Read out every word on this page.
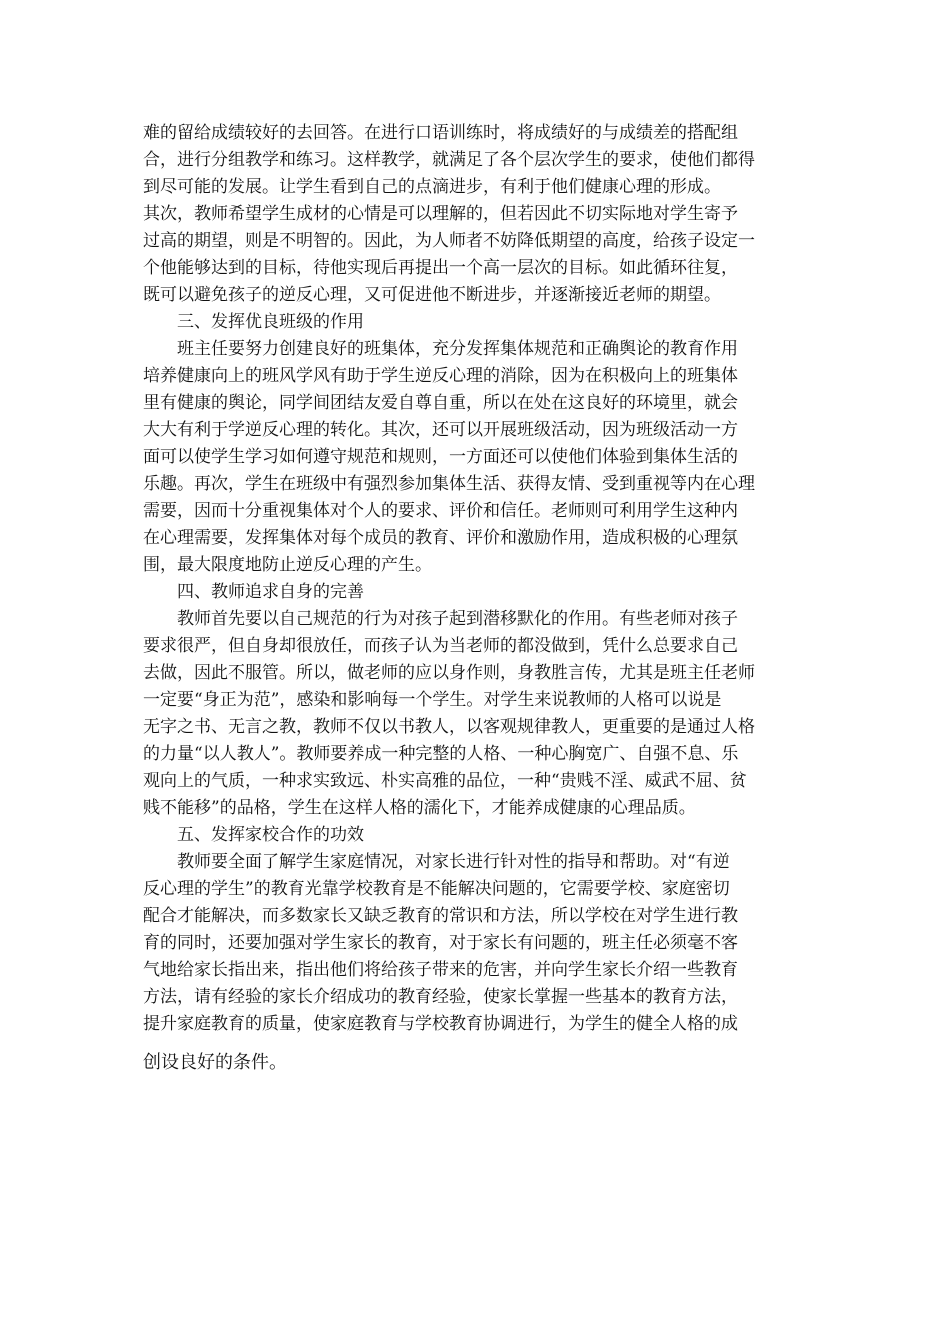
难的留给成绩较好的去回答。在进行口语训练时，将成绩好的与成绩差的搭配组
合，进行分组教学和练习。这样教学，就满足了各个层次学生的要求，使他们都得
到尽可能的发展。让学生看到自己的点滴进步，有利于他们健康心理的形成。
其次，教师希望学生成材的心情是可以理解的，但若因此不切实际地对学生寄予
过高的期望，则是不明智的。因此，为人师者不妨降低期望的高度，给孩子设定一
个他能够达到的目标，待他实现后再提出一个高一层次的目标。如此循环往复，
既可以避免孩子的逆反心理，又可促进他不断进步，并逐渐接近老师的期望。
　　三、发挥优良班级的作用
　　班主任要努力创建良好的班集体，充分发挥集体规范和正确舆论的教育作用
培养健康向上的班风学风有助于学生逆反心理的消除，因为在积极向上的班集体
里有健康的舆论，同学间团结友爱自尊自重，所以在处在这良好的环境里，就会
大大有利于学逆反心理的转化。其次，还可以开展班级活动，因为班级活动一方
面可以使学生学习如何遵守规范和规则，一方面还可以使他们体验到集体生活的
乐趣。再次，学生在班级中有强烈参加集体生活、获得友情、受到重视等内在心理
需要，因而十分重视集体对个人的要求、评价和信任。老师则可利用学生这种内
在心理需要，发挥集体对每个成员的教育、评价和激励作用，造成积极的心理氛
围，最大限度地防止逆反心理的产生。
　　四、教师追求自身的完善
　　教师首先要以自己规范的行为对孩子起到潜移默化的作用。有些老师对孩子
要求很严，但自身却很放任，而孩子认为当老师的都没做到，凭什么总要求自己
去做，因此不服管。所以，做老师的应以身作则，身教胜言传，尤其是班主任老师
一定要“身正为范”，感染和影响每一个学生。对学生来说教师的人格可以说是
无字之书、无言之教，教师不仅以书教人，以客观规律教人，更重要的是通过人格
的力量“以人教人”。教师要养成一种完整的人格、一种心胸宽广、自强不息、乐
观向上的气质，一种求实致远、朴实高雅的品位，一种“贵贱不淫、威武不屈、贫
贱不能移”的品格，学生在这样人格的濡化下，才能养成健康的心理品质。
　　五、发挥家校合作的功效
　　教师要全面了解学生家庭情况，对家长进行针对性的指导和帮助。对“有逆
反心理的学生”的教育光靠学校教育是不能解决问题的，它需要学校、家庭密切
配合才能解决，而多数家长又缺乏教育的常识和方法，所以学校在对学生进行教
育的同时，还要加强对学生家长的教育，对于家长有问题的，班主任必须毫不客
气地给家长指出来，指出他们将给孩子带来的危害，并向学生家长介绍一些教育
方法，请有经验的家长介绍成功的教育经验，使家长掌握一些基本的教育方法，
提升家庭教育的质量，使家庭教育与学校教育协调进行，为学生的健全人格的成
创设良好的条件。
